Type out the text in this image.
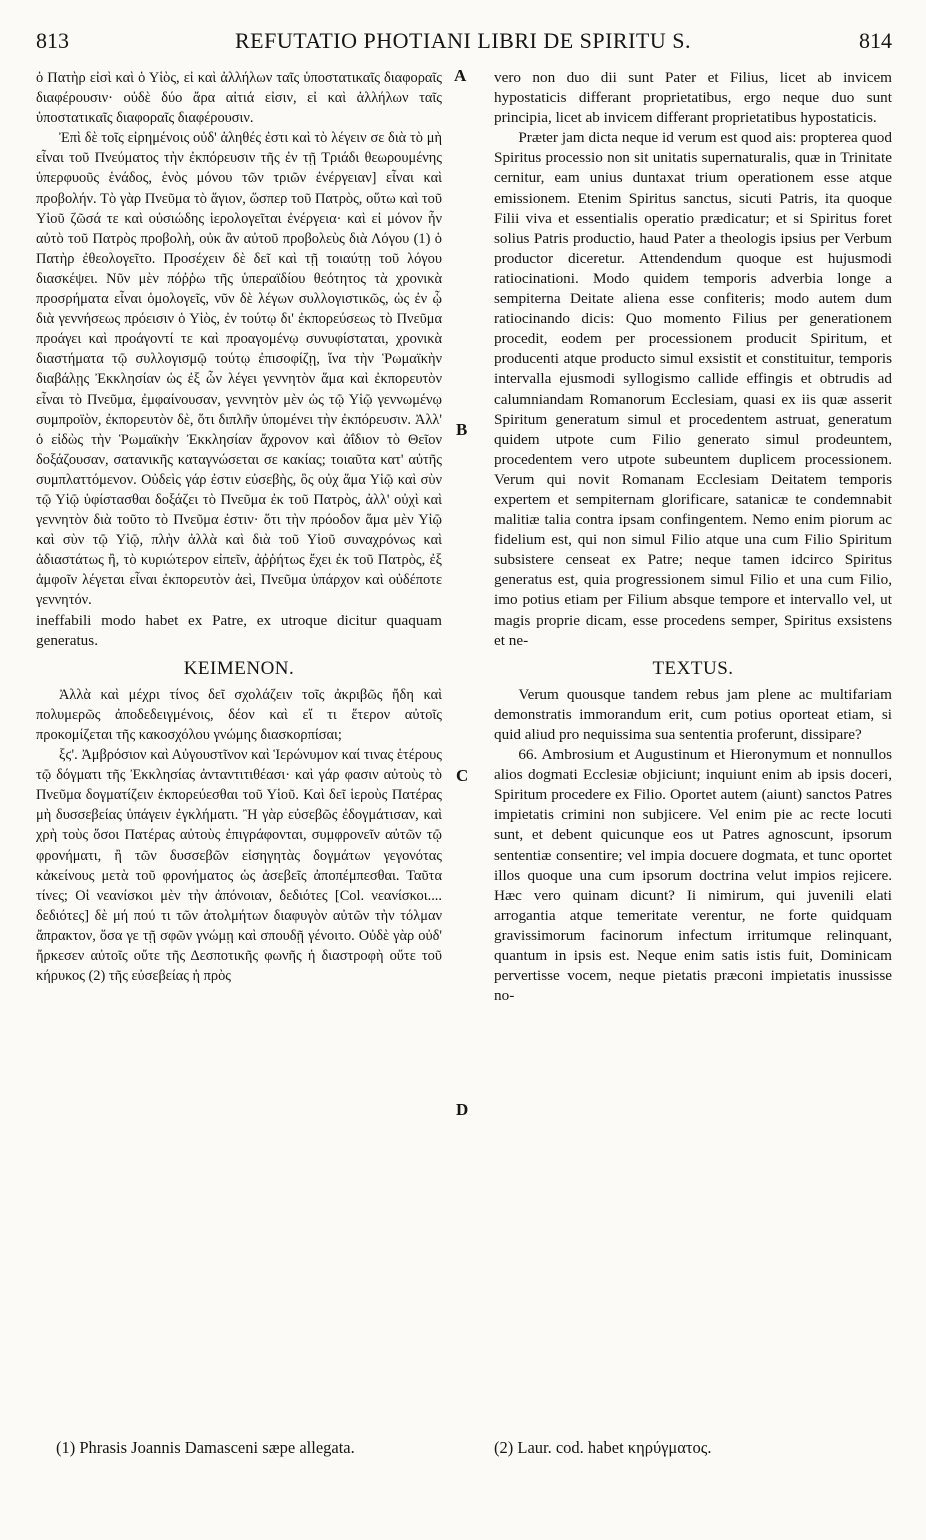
813	REFUTATIO PHOTIANI LIBRI DE SPIRITU S.	814

ὁ Πατὴρ εἰσὶ καὶ ὁ Υἱὸς, εἰ καὶ ἀλλήλων ταῖς ὑποστατικαῖς διαφοραῖς διαφέρουσιν· οὐδὲ δύο ἄρα αἰτιά εἰσιν, εἰ καὶ ἀλλήλων ταῖς ὑποστατικαῖς διαφοραῖς διαφέρουσιν.

Ἐπὶ δὲ τοῖς εἰρημένοις οὐδ' ἀληθές ἐστι καὶ τὸ λέγειν σε διὰ τὸ μὴ εἶναι τοῦ Πνεύματος τὴν ἐκπόρευσιν τῆς ἐν τῇ Τριάδι θεωρουμένης ὑπερφυοῦς ἑνάδος, ἑνὸς μόνου τῶν τριῶν ἐνέργειαν] εἶναι καὶ προβολήν. Τὸ γὰρ Πνεῦμα τὸ ἅγιον, ὥσπερ τοῦ Πατρὸς, οὕτω καὶ τοῦ Υἱοῦ ζῶσά τε καὶ οὐσιώδης ἱερολογεῖται ἐνέργεια· καὶ εἰ μόνον ἦν αὐτὸ τοῦ Πατρὸς προβολὴ, οὐκ ἂν αὐτοῦ προβολεὺς διὰ Λόγου (1) ὁ Πατὴρ ἐθεολογεῖτο. Προσέχειν δὲ δεῖ καὶ τῇ τοιαύτῃ τοῦ λόγου διασκέψει. Νῦν μὲν πόῤῥω τῆς ὑπεραϊδίου θεότητος τὰ χρονικὰ προσρήματα εἶναι ὁμολογεῖς, νῦν δὲ λέγων συλλογιστικῶς, ὡς ἐν ᾧ διὰ γεννήσεως πρόεισιν ὁ Υἱὸς, ἐν τούτῳ δι' ἐκπορεύσεως τὸ Πνεῦμα προάγει καὶ προάγοντί τε καὶ προαγομένῳ συνυφίσταται, χρονικὰ διαστήματα τῷ συλλογισμῷ τούτῳ ἐπισοφίζῃ, ἵνα τὴν Ῥωμαϊκὴν διαβάλῃς Ἐκκλησίαν ὡς ἐξ ὧν λέγει γεννητὸν ἅμα καὶ ἐκπορευτὸν εἶναι τὸ Πνεῦμα, ἐμφαίνουσαν, γεννητὸν μὲν ὡς τῷ Υἱῷ γεννωμένῳ συμπροϊὸν, ἐκπορευτὸν δὲ, ὅτι διπλῆν ὑπομένει τὴν ἐκπόρευσιν. Ἀλλ' ὁ εἰδὼς τὴν Ῥωμαϊκὴν Ἐκκλησίαν ἄχρονον καὶ ἀΐδιον τὸ Θεῖον δοξάζουσαν, σατανικῆς καταγνώσεται σε κακίας; τοιαῦτα κατ' αὐτῆς συμπλαττόμενον. Οὐδεὶς γάρ ἐστιν εὐσεβὴς, ὃς οὐχ ἅμα Υἱῷ καὶ σὺν τῷ Υἱῷ ὑφίστασθαι δοξάζει τὸ Πνεῦμα ἐκ τοῦ Πατρὸς, ἀλλ' οὐχὶ καὶ γεννητὸν διὰ τοῦτο τὸ Πνεῦμα ἐστιν· ὅτι τὴν πρόοδον ἅμα μὲν Υἱῷ καὶ σὺν τῷ Υἱῷ, πλὴν ἀλλὰ καὶ διὰ τοῦ Υἱοῦ συναχρόνως καὶ ἀδιαστάτως ἢ, τὸ κυριώτερον εἰπεῖν, ἀῤῥήτως ἔχει ἐκ τοῦ Πατρὸς, ἐξ ἀμφοῖν λέγεται εἶναι ἐκπορευτὸν ἀεὶ, Πνεῦμα ὑπάρχον καὶ οὐδέποτε γεννητόν.

ineffabili modo habet ex Patre, ex utroque dicitur quaquam generatus.

ΚΕΙΜΕΝΟΝ.

Ἀλλὰ καὶ μέχρι τίνος δεῖ σχολάζειν τοῖς ἀκριβῶς ἤδη καὶ πολυμερῶς ἀποδεδειγμένοις, δέον καὶ εἴ τι ἕτερον αὐτοῖς προκομίζεται τῆς κακοσχόλου γνώμης διασκορπίσαι;

ξϛ'. Ἀμβρόσιον καὶ Αὐγουστῖνον καὶ Ἱερώνυμον καί τινας ἑτέρους τῷ δόγματι τῆς Ἐκκλησίας ἀνταντιτιθέασι· καὶ γάρ φασιν αὐτοὺς τὸ Πνεῦμα δογματίζειν ἐκπορεύεσθαι τοῦ Υἱοῦ. Καὶ δεῖ ἱεροὺς Πατέρας μὴ δυσσεβείας ὑπάγειν ἐγκλήματι. Ἢ γὰρ εὐσεβῶς ἐδογμάτισαν, καὶ χρὴ τοὺς ὅσοι Πατέρας αὐτοὺς ἐπιγράφονται, συμφρονεῖν αὐτῶν τῷ φρονήματι, ἢ τῶν δυσσεβῶν εἰσηγητὰς δογμάτων γεγονότας κἀκείνους μετὰ τοῦ φρονήματος ὡς ἀσεβεῖς ἀποπέμπεσθαι. Ταῦτα τίνες; Οἱ νεανίσκοι μὲν τὴν ἀπόνοιαν, δεδιότες [Col. νεανίσκοι.... δεδιότες] δὲ μή πού τι τῶν ἀτολμήτων διαφυγὸν αὐτῶν τὴν τόλμαν ἄπρακτον, ὅσα γε τῇ σφῶν γνώμῃ καὶ σπουδῇ γένοιτο. Οὐδὲ γὰρ οὐδ' ἤρκεσεν αὐτοῖς οὔτε τῆς Δεσποτικῆς φωνῆς ἡ διαστροφὴ οὔτε τοῦ κήρυκος (2) τῆς εὐσεβείας ἡ πρὸς

vero non duo dii sunt Pater et Filius, licet ab invicem hypostaticis differant proprietatibus, ergo neque duo sunt principia, licet ab invicem differant proprietatibus hypostaticis.

Præter jam dicta neque id verum est quod ais: propterea quod Spiritus processio non sit unitatis supernaturalis, quæ in Trinitate cernitur, eam unius duntaxat trium operationem esse atque emissionem. Etenim Spiritus sanctus, sicuti Patris, ita quoque Filii viva et essentialis operatio prædicatur; et si Spiritus foret solius Patris productio, haud Pater a theologis ipsius per Verbum productor diceretur. Attendendum quoque est hujusmodi ratiocinationi. Modo quidem temporis adverbia longe a sempiterna Deitate aliena esse confiteris; modo autem dum ratiocinando dicis: Quo momento Filius per generationem procedit, eodem per processionem producit Spiritum, et producenti atque producto simul exsistit et constituitur, temporis intervalla ejusmodi syllogismo callide effingis et obtrudis ad calumniandam Romanorum Ecclesiam, quasi ex iis quæ asserit Spiritum generatum simul et procedentem astruat, generatum quidem utpote cum Filio generato simul prodeuntem, procedentem vero utpote subeuntem duplicem processionem. Verum qui novit Romanam Ecclesiam Deitatem temporis expertem et sempiternam glorificare, satanicæ te condemnabit malitiæ talia contra ipsam confingentem. Nemo enim piorum ac fidelium est, qui non simul Filio atque una cum Filio Spiritum subsistere censeat ex Patre; neque tamen idcirco Spiritus generatus est, quia progressionem simul Filio et una cum Filio, imo potius etiam per Filium absque tempore et intervallo vel, ut magis proprie dicam, esse procedens semper, Spiritus exsistens et ne-

TEXTUS.

Verum quousque tandem rebus jam plene ac multifariam demonstratis immorandum erit, cum potius oporteat etiam, si quid aliud pro nequissima sua sententia proferunt, dissipare?

66. Ambrosium et Augustinum et Hieronymum et nonnullos alios dogmati Ecclesiæ objiciunt; inquiunt enim ab ipsis doceri, Spiritum procedere ex Filio. Oportet autem (aiunt) sanctos Patres impietatis crimini non subjicere. Vel enim pie ac recte locuti sunt, et debent quicunque eos ut Patres agnoscunt, ipsorum sententiæ consentire; vel impia docuere dogmata, et tunc oportet illos quoque una cum ipsorum doctrina velut impios rejicere. Hæc vero quinam dicunt? Ii nimirum, qui juvenili elati arrogantia atque temeritate verentur, ne forte quidquam gravissimorum facinorum infectum irritumque relinquant, quantum in ipsis est. Neque enim satis istis fuit, Dominicam pervertisse vocem, neque pietatis præconi impietatis inussisse no-

A
B
C
D
(1) Phrasis Joannis Damasceni sæpe allegata.	(2) Laur. cod. habet κηρύγματος.
